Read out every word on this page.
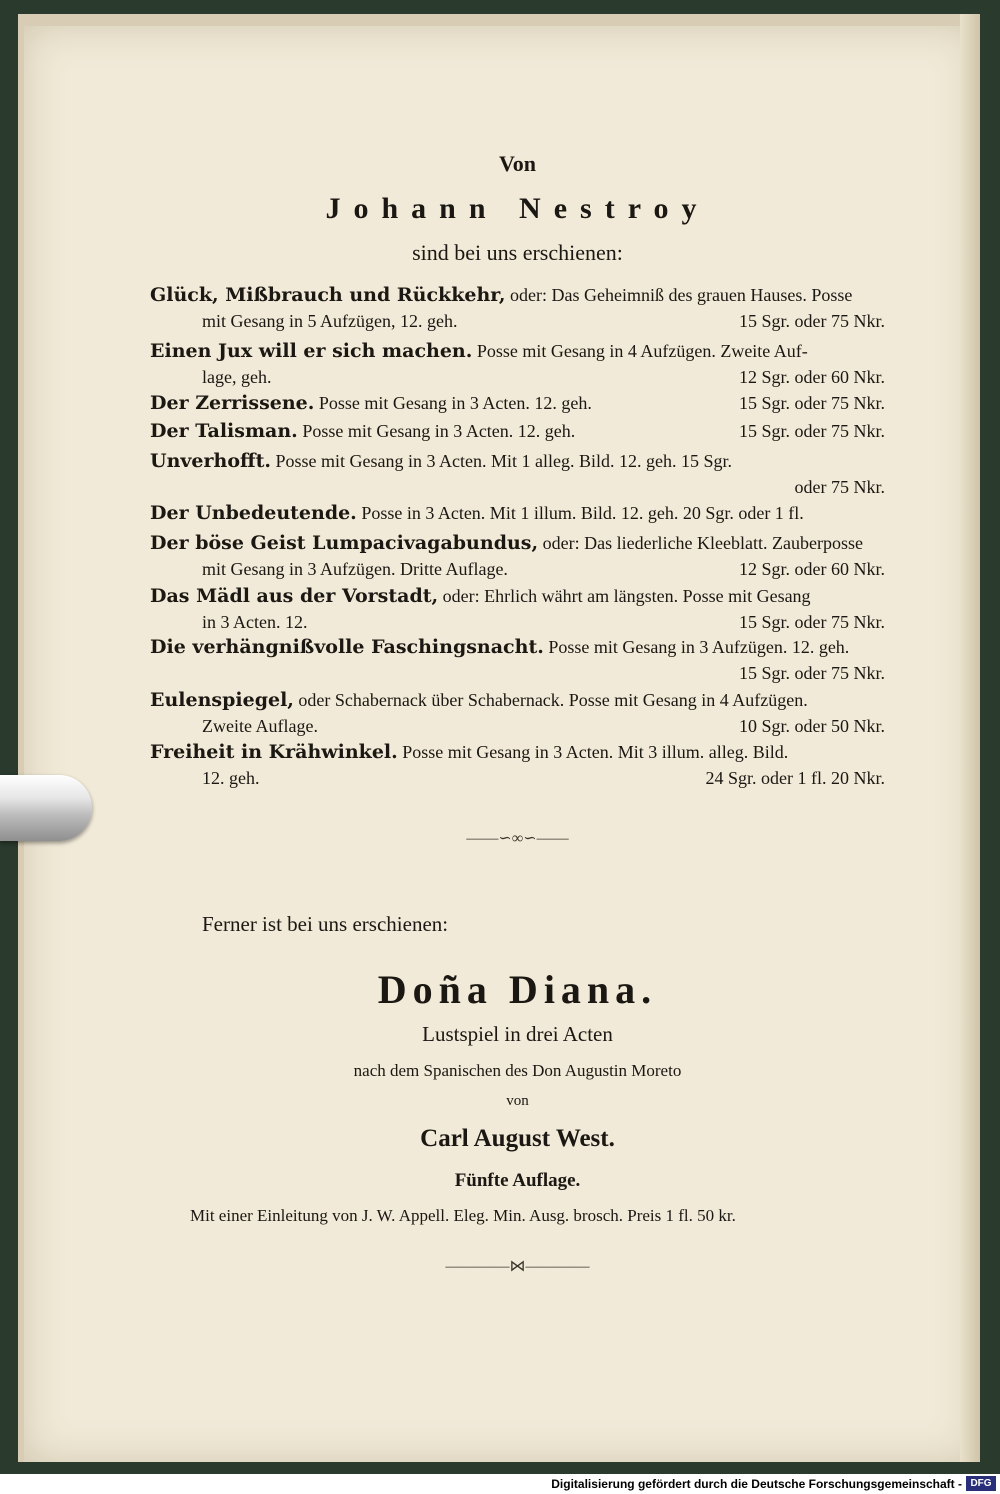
Von
Johann Nestroy
sind bei uns erschienen:
Glück, Mißbrauch und Rückkehr, oder: Das Geheimniß des grauen Hauses. Posse
mit Gesang in 5 Aufzügen, 12. geh.	15 Sgr. oder 75 Nkr.
Einen Jux will er sich machen. Posse mit Gesang in 4 Aufzügen. Zweite Auf-
lage, geh.	12 Sgr. oder 60 Nkr.
Der Zerrissene. Posse mit Gesang in 3 Acten. 12. geh.	15 Sgr. oder 75 Nkr.
Der Talisman. Posse mit Gesang in 3 Acten. 12. geh.	15 Sgr. oder 75 Nkr.
Unverhofft. Posse mit Gesang in 3 Acten. Mit 1 alleg. Bild. 12. geh. 15 Sgr.
oder 75 Nkr.
Der Unbedeutende. Posse in 3 Acten. Mit 1 illum. Bild. 12. geh. 20 Sgr. oder 1 fl.
Der böse Geist Lumpacivagabundus, oder: Das liederliche Kleeblatt. Zauberposse
mit Gesang in 3 Aufzügen. Dritte Auflage.	12 Sgr. oder 60 Nkr.
Das Mädl aus der Vorstadt, oder: Ehrlich währt am längsten. Posse mit Gesang
in 3 Acten. 12.	15 Sgr. oder 75 Nkr.
Die verhängnißvolle Faschingsnacht. Posse mit Gesang in 3 Aufzügen. 12. geh.
15 Sgr. oder 75 Nkr.
Eulenspiegel, oder Schabernack über Schabernack. Posse mit Gesang in 4 Aufzügen.
Zweite Auflage.	10 Sgr. oder 50 Nkr.
Freiheit in Krähwinkel. Posse mit Gesang in 3 Acten. Mit 3 illum. alleg. Bild.
12. geh.	24 Sgr. oder 1 fl. 20 Nkr.
——∽∞∽——
Ferner ist bei uns erschienen:
Doña Diana.
Lustspiel in drei Acten
nach dem Spanischen des Don Augustin Moreto
von
Carl August West.
Fünfte Auflage.
Mit einer Einleitung von J. W. Appell. Eleg. Min. Ausg. brosch. Preis 1 fl. 50 kr.
————⋈————
Digitalisierung gefördert durch die Deutsche Forschungsgemeinschaft - DFG
